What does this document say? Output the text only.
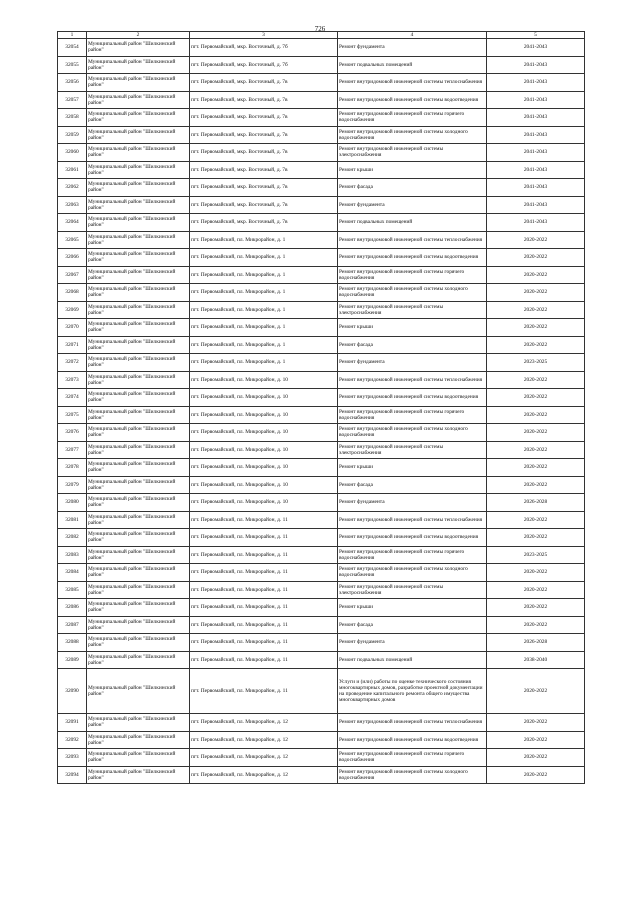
726
1	2	3	4	5
32054	Муниципальный район "Шилкинский район"	пгт. Первомайский, мкр. Восточный, д. 7б	Ремонт фундамента	2041-2043
32055	Муниципальный район "Шилкинский район"	пгт. Первомайский, мкр. Восточный, д. 7б	Ремонт подвальных помещений	2041-2043
32056	Муниципальный район "Шилкинский район"	пгт. Первомайский, мкр. Восточный, д. 7в	Ремонт внутридомовой инженерной системы теплоснабжения	2041-2043
32057	Муниципальный район "Шилкинский район"	пгт. Первомайский, мкр. Восточный, д. 7в	Ремонт внутридомовой инженерной системы водоотведения	2041-2043
32058	Муниципальный район "Шилкинский район"	пгт. Первомайский, мкр. Восточный, д. 7в	Ремонт внутридомовой инженерной системы горячего водоснабжения	2041-2043
32059	Муниципальный район "Шилкинский район"	пгт. Первомайский, мкр. Восточный, д. 7в	Ремонт внутридомовой инженерной системы холодного водоснабжения	2041-2043
32060	Муниципальный район "Шилкинский район"	пгт. Первомайский, мкр. Восточный, д. 7в	Ремонт внутридомовой инженерной системы электроснабжения	2041-2043
32061	Муниципальный район "Шилкинский район"	пгт. Первомайский, мкр. Восточный, д. 7в	Ремонт крыши	2041-2043
32062	Муниципальный район "Шилкинский район"	пгт. Первомайский, мкр. Восточный, д. 7в	Ремонт фасада	2041-2043
32063	Муниципальный район "Шилкинский район"	пгт. Первомайский, мкр. Восточный, д. 7в	Ремонт фундамента	2041-2043
32064	Муниципальный район "Шилкинский район"	пгт. Первомайский, мкр. Восточный, д. 7в	Ремонт подвальных помещений	2041-2043
32065	Муниципальный район "Шилкинский район"	пгт. Первомайский, пл. Микрорайон, д. 1	Ремонт внутридомовой инженерной системы теплоснабжения	2020-2022
32066	Муниципальный район "Шилкинский район"	пгт. Первомайский, пл. Микрорайон, д. 1	Ремонт внутридомовой инженерной системы водоотведения	2020-2022
32067	Муниципальный район "Шилкинский район"	пгт. Первомайский, пл. Микрорайон, д. 1	Ремонт внутридомовой инженерной системы горячего водоснабжения	2020-2022
32068	Муниципальный район "Шилкинский район"	пгт. Первомайский, пл. Микрорайон, д. 1	Ремонт внутридомовой инженерной системы холодного водоснабжения	2020-2022
32069	Муниципальный район "Шилкинский район"	пгт. Первомайский, пл. Микрорайон, д. 1	Ремонт внутридомовой инженерной системы электроснабжения	2020-2022
32070	Муниципальный район "Шилкинский район"	пгт. Первомайский, пл. Микрорайон, д. 1	Ремонт крыши	2020-2022
32071	Муниципальный район "Шилкинский район"	пгт. Первомайский, пл. Микрорайон, д. 1	Ремонт фасада	2020-2022
32072	Муниципальный район "Шилкинский район"	пгт. Первомайский, пл. Микрорайон, д. 1	Ремонт фундамента	2023-2025
32073	Муниципальный район "Шилкинский район"	пгт. Первомайский, пл. Микрорайон, д. 10	Ремонт внутридомовой инженерной системы теплоснабжения	2020-2022
32074	Муниципальный район "Шилкинский район"	пгт. Первомайский, пл. Микрорайон, д. 10	Ремонт внутридомовой инженерной системы водоотведения	2020-2022
32075	Муниципальный район "Шилкинский район"	пгт. Первомайский, пл. Микрорайон, д. 10	Ремонт внутридомовой инженерной системы горячего водоснабжения	2020-2022
32076	Муниципальный район "Шилкинский район"	пгт. Первомайский, пл. Микрорайон, д. 10	Ремонт внутридомовой инженерной системы холодного водоснабжения	2020-2022
32077	Муниципальный район "Шилкинский район"	пгт. Первомайский, пл. Микрорайон, д. 10	Ремонт внутридомовой инженерной системы электроснабжения	2020-2022
32078	Муниципальный район "Шилкинский район"	пгт. Первомайский, пл. Микрорайон, д. 10	Ремонт крыши	2020-2022
32079	Муниципальный район "Шилкинский район"	пгт. Первомайский, пл. Микрорайон, д. 10	Ремонт фасада	2020-2022
32080	Муниципальный район "Шилкинский район"	пгт. Первомайский, пл. Микрорайон, д. 10	Ремонт фундамента	2026-2028
32081	Муниципальный район "Шилкинский район"	пгт. Первомайский, пл. Микрорайон, д. 11	Ремонт внутридомовой инженерной системы теплоснабжения	2020-2022
32082	Муниципальный район "Шилкинский район"	пгт. Первомайский, пл. Микрорайон, д. 11	Ремонт внутридомовой инженерной системы водоотведения	2020-2022
32083	Муниципальный район "Шилкинский район"	пгт. Первомайский, пл. Микрорайон, д. 11	Ремонт внутридомовой инженерной системы горячего водоснабжения	2023-2025
32084	Муниципальный район "Шилкинский район"	пгт. Первомайский, пл. Микрорайон, д. 11	Ремонт внутридомовой инженерной системы холодного водоснабжения	2020-2022
32085	Муниципальный район "Шилкинский район"	пгт. Первомайский, пл. Микрорайон, д. 11	Ремонт внутридомовой инженерной системы электроснабжения	2020-2022
32086	Муниципальный район "Шилкинский район"	пгт. Первомайский, пл. Микрорайон, д. 11	Ремонт крыши	2020-2022
32087	Муниципальный район "Шилкинский район"	пгт. Первомайский, пл. Микрорайон, д. 11	Ремонт фасада	2020-2022
32088	Муниципальный район "Шилкинский район"	пгт. Первомайский, пл. Микрорайон, д. 11	Ремонт фундамента	2026-2028
32089	Муниципальный район "Шилкинский район"	пгт. Первомайский, пл. Микрорайон, д. 11	Ремонт подвальных помещений	2038-2040
32090	Муниципальный район "Шилкинский район"	пгт. Первомайский, пл. Микрорайон, д. 11	Услуги и (или) работы по оценке технического состояния многоквартирных домов, разработке проектной документации на проведение капитального ремонта общего имущества многоквартирных домов	2020-2022
32091	Муниципальный район "Шилкинский район"	пгт. Первомайский, пл. Микрорайон, д. 12	Ремонт внутридомовой инженерной системы теплоснабжения	2020-2022
32092	Муниципальный район "Шилкинский район"	пгт. Первомайский, пл. Микрорайон, д. 12	Ремонт внутридомовой инженерной системы водоотведения	2020-2022
32093	Муниципальный район "Шилкинский район"	пгт. Первомайский, пл. Микрорайон, д. 12	Ремонт внутридомовой инженерной системы горячего водоснабжения	2020-2022
32094	Муниципальный район "Шилкинский район"	пгт. Первомайский, пл. Микрорайон, д. 12	Ремонт внутридомовой инженерной системы холодного водоснабжения	2020-2022
